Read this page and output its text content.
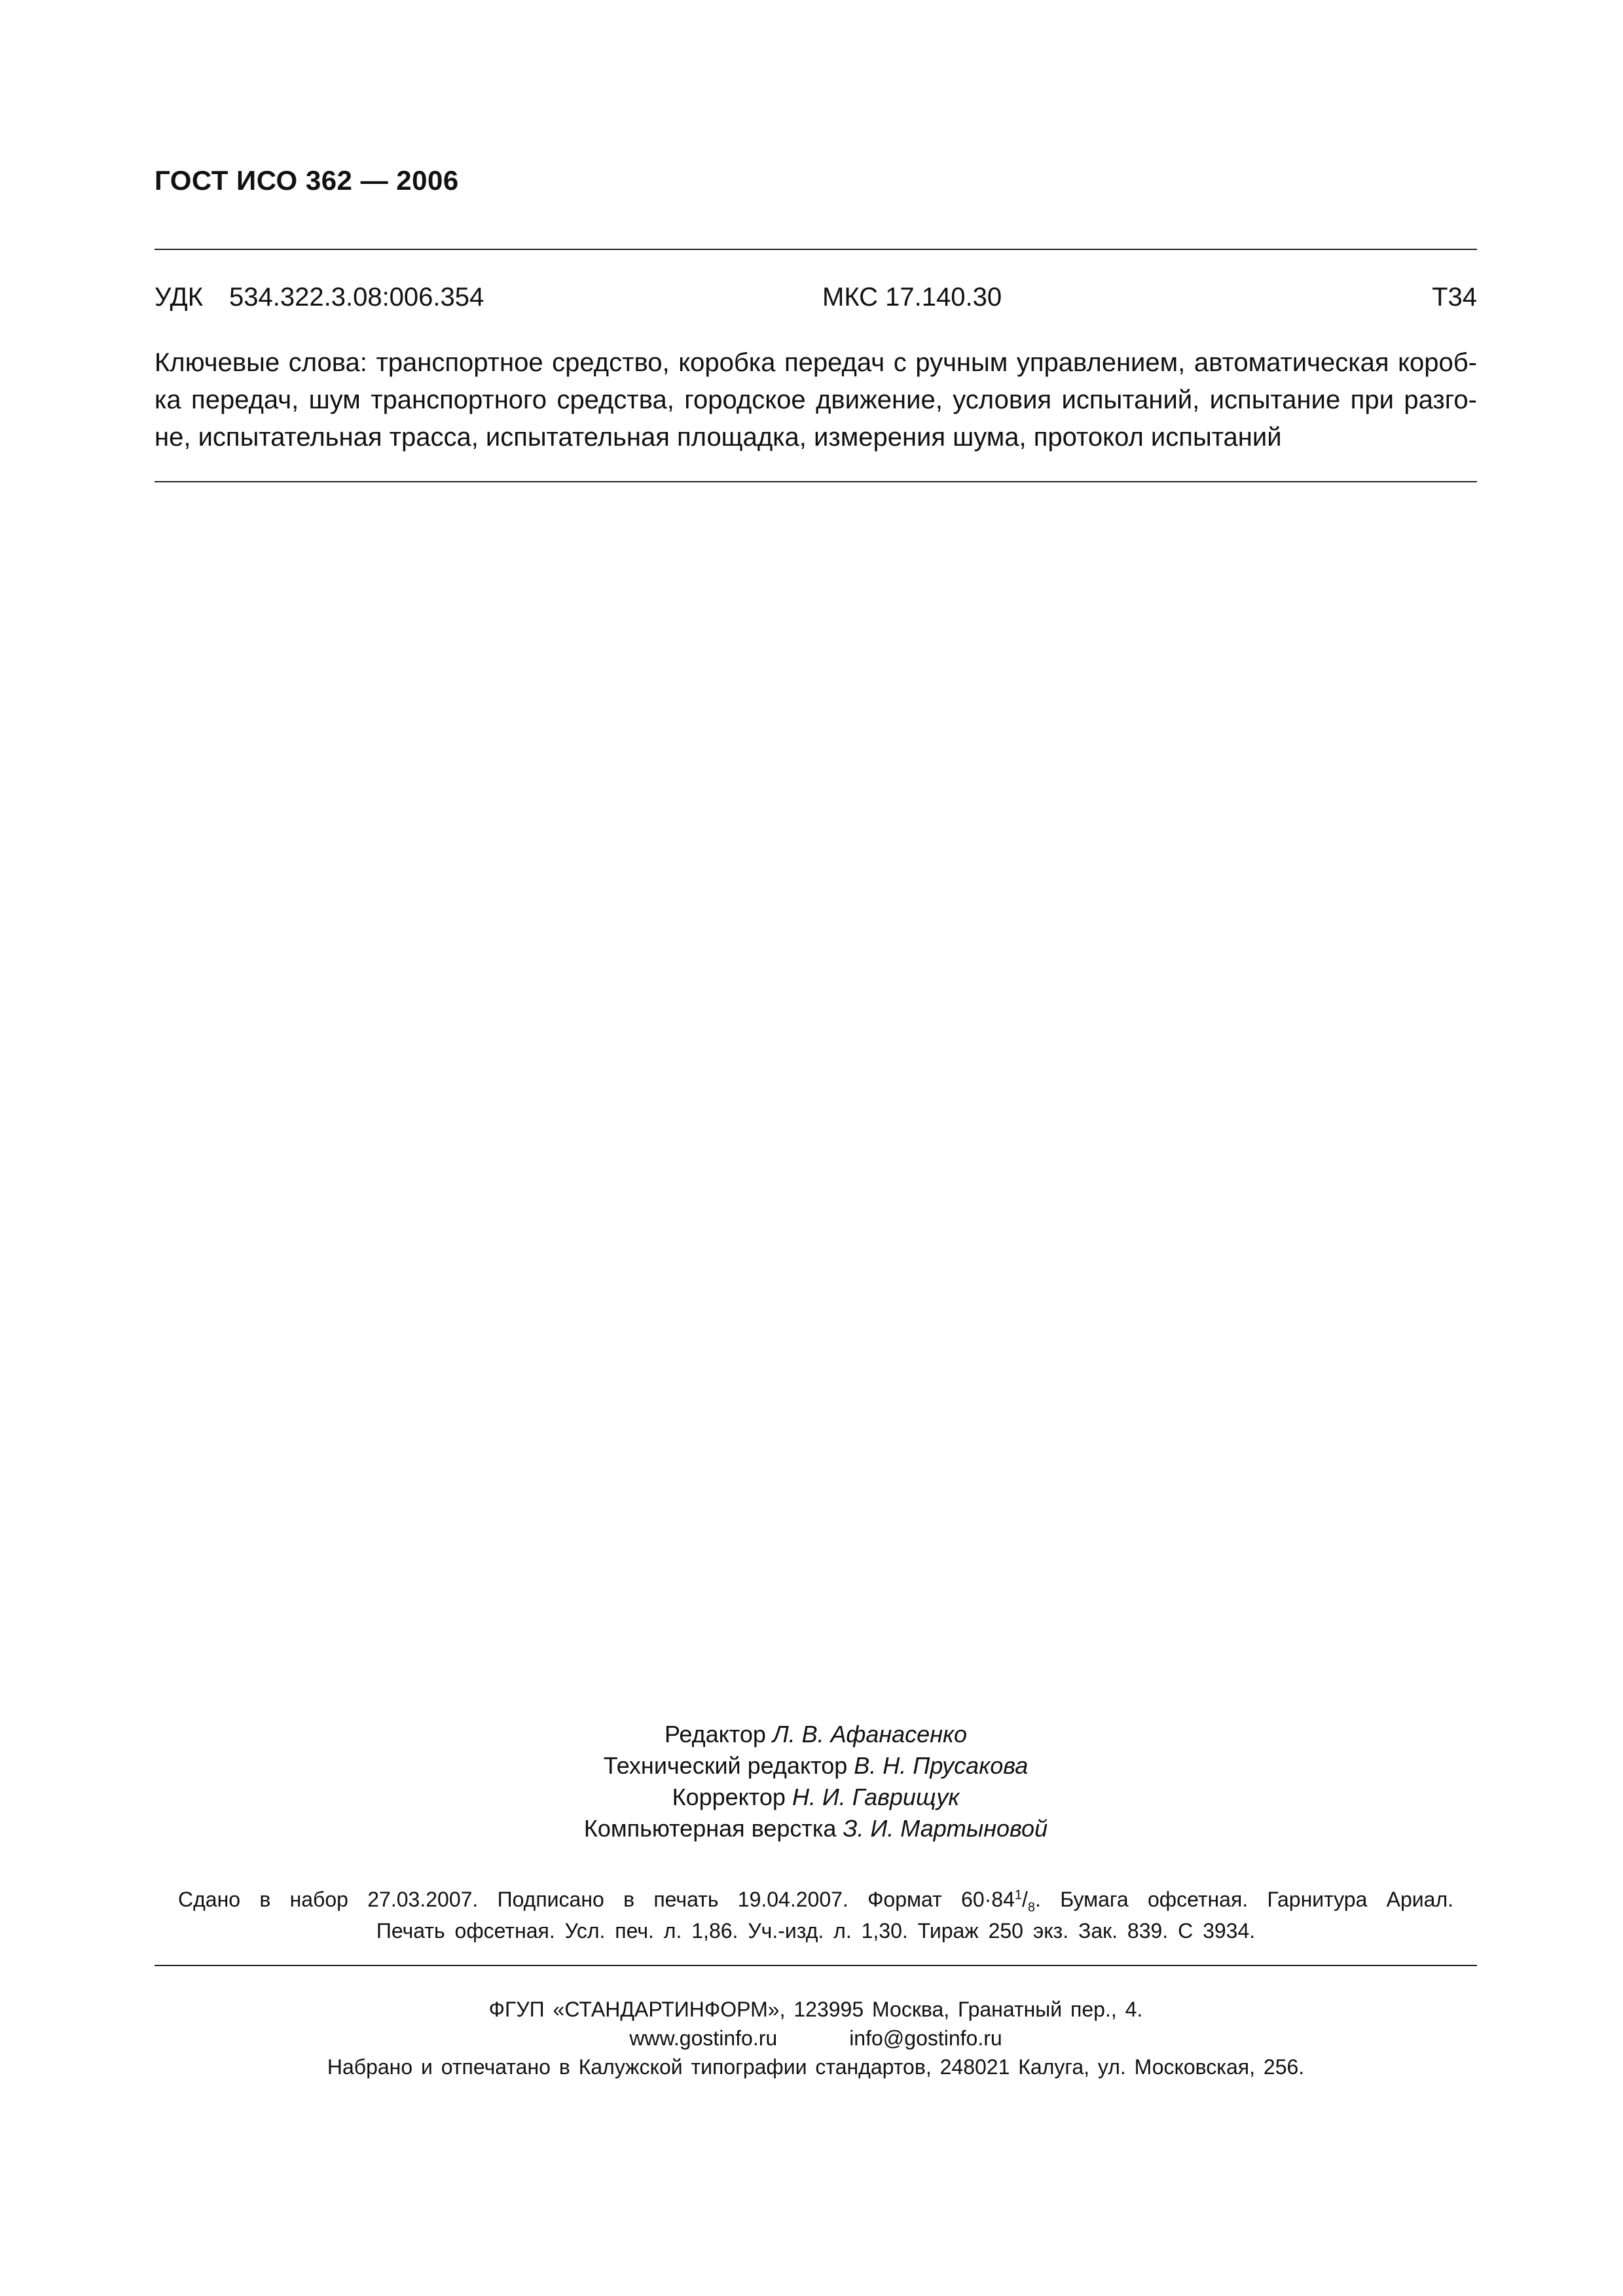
ГОСТ ИСО 362 — 2006
УДК 534.322.3.08:006.354	МКС 17.140.30	Т34
Ключевые слова: транспортное средство, коробка передач с ручным управлением, автоматическая короб-
ка передач, шум транспортного средства, городское движение, условия испытаний, испытание при разго-
не, испытательная трасса, испытательная площадка, измерения шума, протокол испытаний
Редактор Л. В. Афанасенко
Технический редактор В. Н. Прусакова
Корректор Н. И. Гаврищук
Компьютерная верстка З. И. Мартыновой
Сдано в набор 27.03.2007. Подписано в печать 19.04.2007. Формат $60\cdot 84^1/_8$. Бумага офсетная. Гарнитура Ариал.
Печать офсетная. Усл. печ. л. 1,86. Уч.-изд. л. 1,30. Тираж 250 экз. Зак. 839. С 3934.
ФГУП «СТАНДАРТИНФОРМ», 123995 Москва, Гранатный пер., 4.
www.gostinfo.ru	info@gostinfo.ru
Набрано и отпечатано в Калужской типографии стандартов, 248021 Калуга, ул. Московская, 256.
